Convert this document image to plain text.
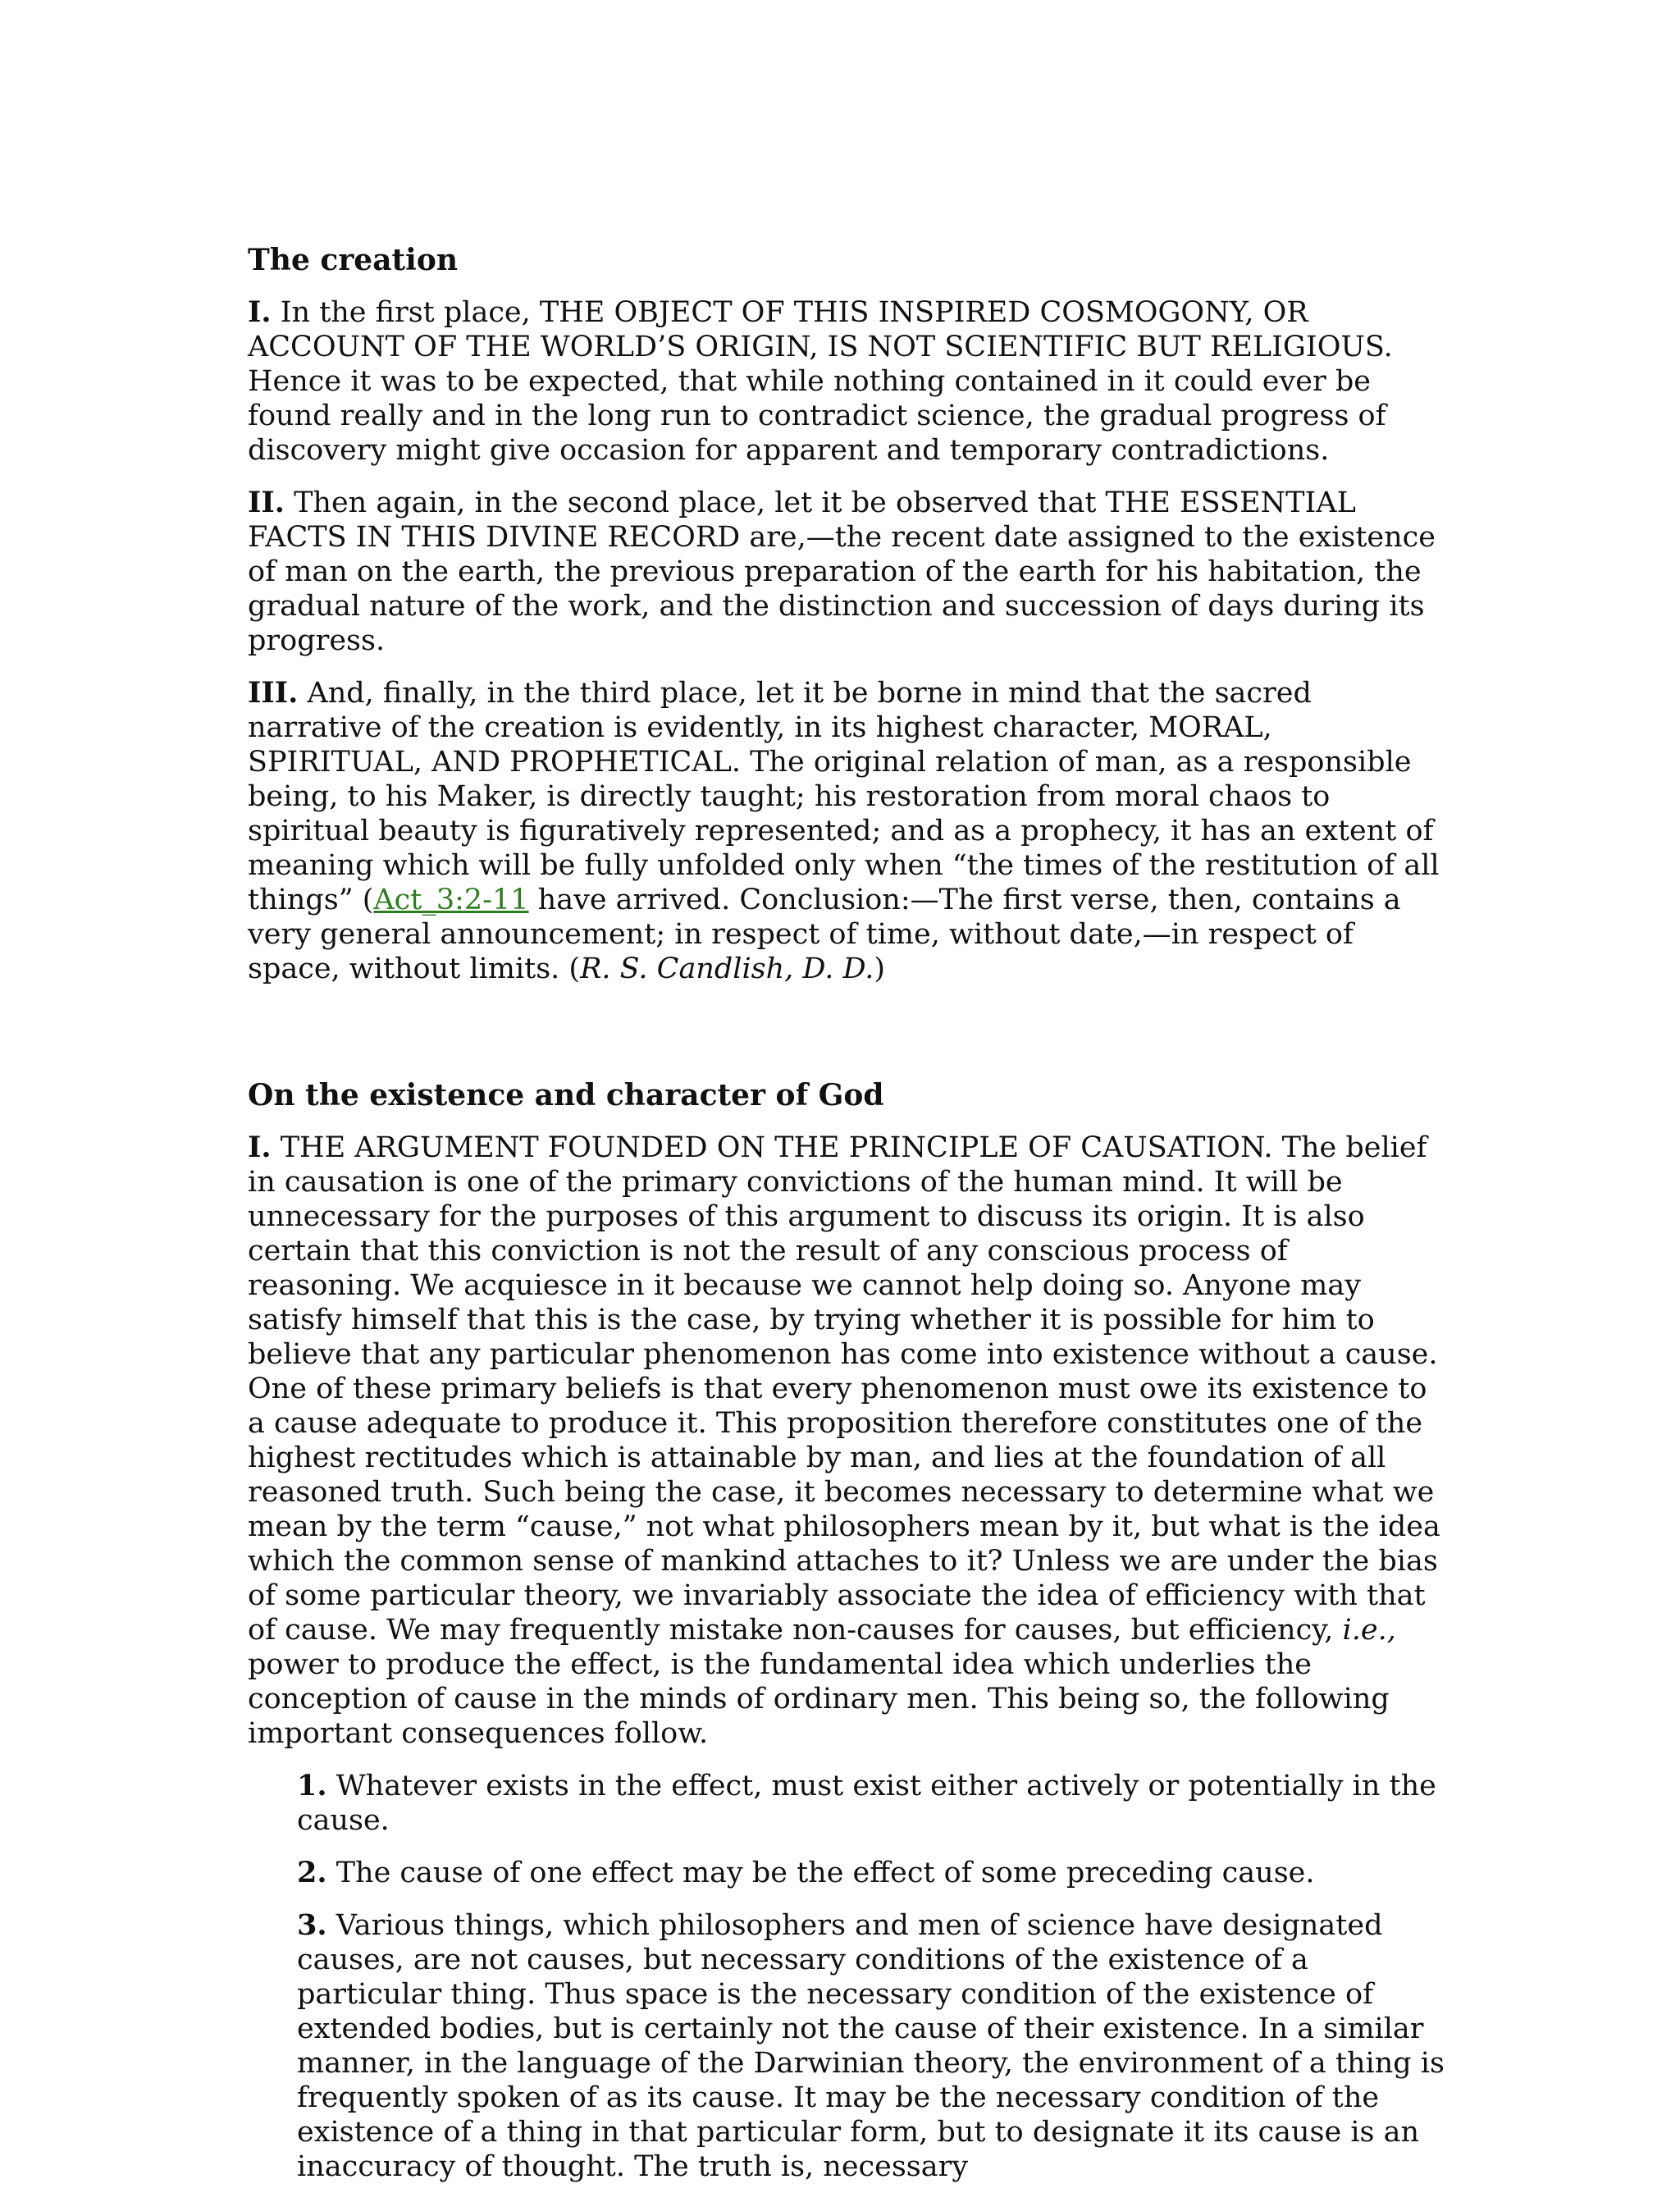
The creation

I. In the first place, THE OBJECT OF THIS INSPIRED COSMOGONY, OR ACCOUNT OF THE WORLD’S ORIGIN, IS NOT SCIENTIFIC BUT RELIGIOUS. Hence it was to be expected, that while nothing contained in it could ever be found really and in the long run to contradict science, the gradual progress of discovery might give occasion for apparent and temporary contradictions.

II. Then again, in the second place, let it be observed that THE ESSENTIAL FACTS IN THIS DIVINE RECORD are,—the recent date assigned to the existence of man on the earth, the previous preparation of the earth for his habitation, the gradual nature of the work, and the distinction and succession of days during its progress.

III. And, finally, in the third place, let it be borne in mind that the sacred narrative of the creation is evidently, in its highest character, MORAL, SPIRITUAL, AND PROPHETICAL. The original relation of man, as a responsible being, to his Maker, is directly taught; his restoration from moral chaos to spiritual beauty is figuratively represented; and as a prophecy, it has an extent of meaning which will be fully unfolded only when “the times of the restitution of all things” (Act_3:2-11 have arrived. Conclusion:—The first verse, then, contains a very general announcement; in respect of time, without date,—in respect of space, without limits. (R. S. Candlish, D. D.)

On the existence and character of God

I. THE ARGUMENT FOUNDED ON THE PRINCIPLE OF CAUSATION. The belief in causation is one of the primary convictions of the human mind. It will be unnecessary for the purposes of this argument to discuss its origin. It is also certain that this conviction is not the result of any conscious process of reasoning. We acquiesce in it because we cannot help doing so. Anyone may satisfy himself that this is the case, by trying whether it is possible for him to believe that any particular phenomenon has come into existence without a cause. One of these primary beliefs is that every phenomenon must owe its existence to a cause adequate to produce it. This proposition therefore constitutes one of the highest rectitudes which is attainable by man, and lies at the foundation of all reasoned truth. Such being the case, it becomes necessary to determine what we mean by the term “cause,” not what philosophers mean by it, but what is the idea which the common sense of mankind attaches to it? Unless we are under the bias of some particular theory, we invariably associate the idea of efficiency with that of cause. We may frequently mistake non-causes for causes, but efficiency, i.e., power to produce the effect, is the fundamental idea which underlies the conception of cause in the minds of ordinary men. This being so, the following important consequences follow.

1. Whatever exists in the effect, must exist either actively or potentially in the cause.

2. The cause of one effect may be the effect of some preceding cause.

3. Various things, which philosophers and men of science have designated causes, are not causes, but necessary conditions of the existence of a particular thing. Thus space is the necessary condition of the existence of extended bodies, but is certainly not the cause of their existence. In a similar manner, in the language of the Darwinian theory, the environment of a thing is frequently spoken of as its cause. It may be the necessary condition of the existence of a thing in that particular form, but to designate it its cause is an inaccuracy of thought. The truth is, necessary
